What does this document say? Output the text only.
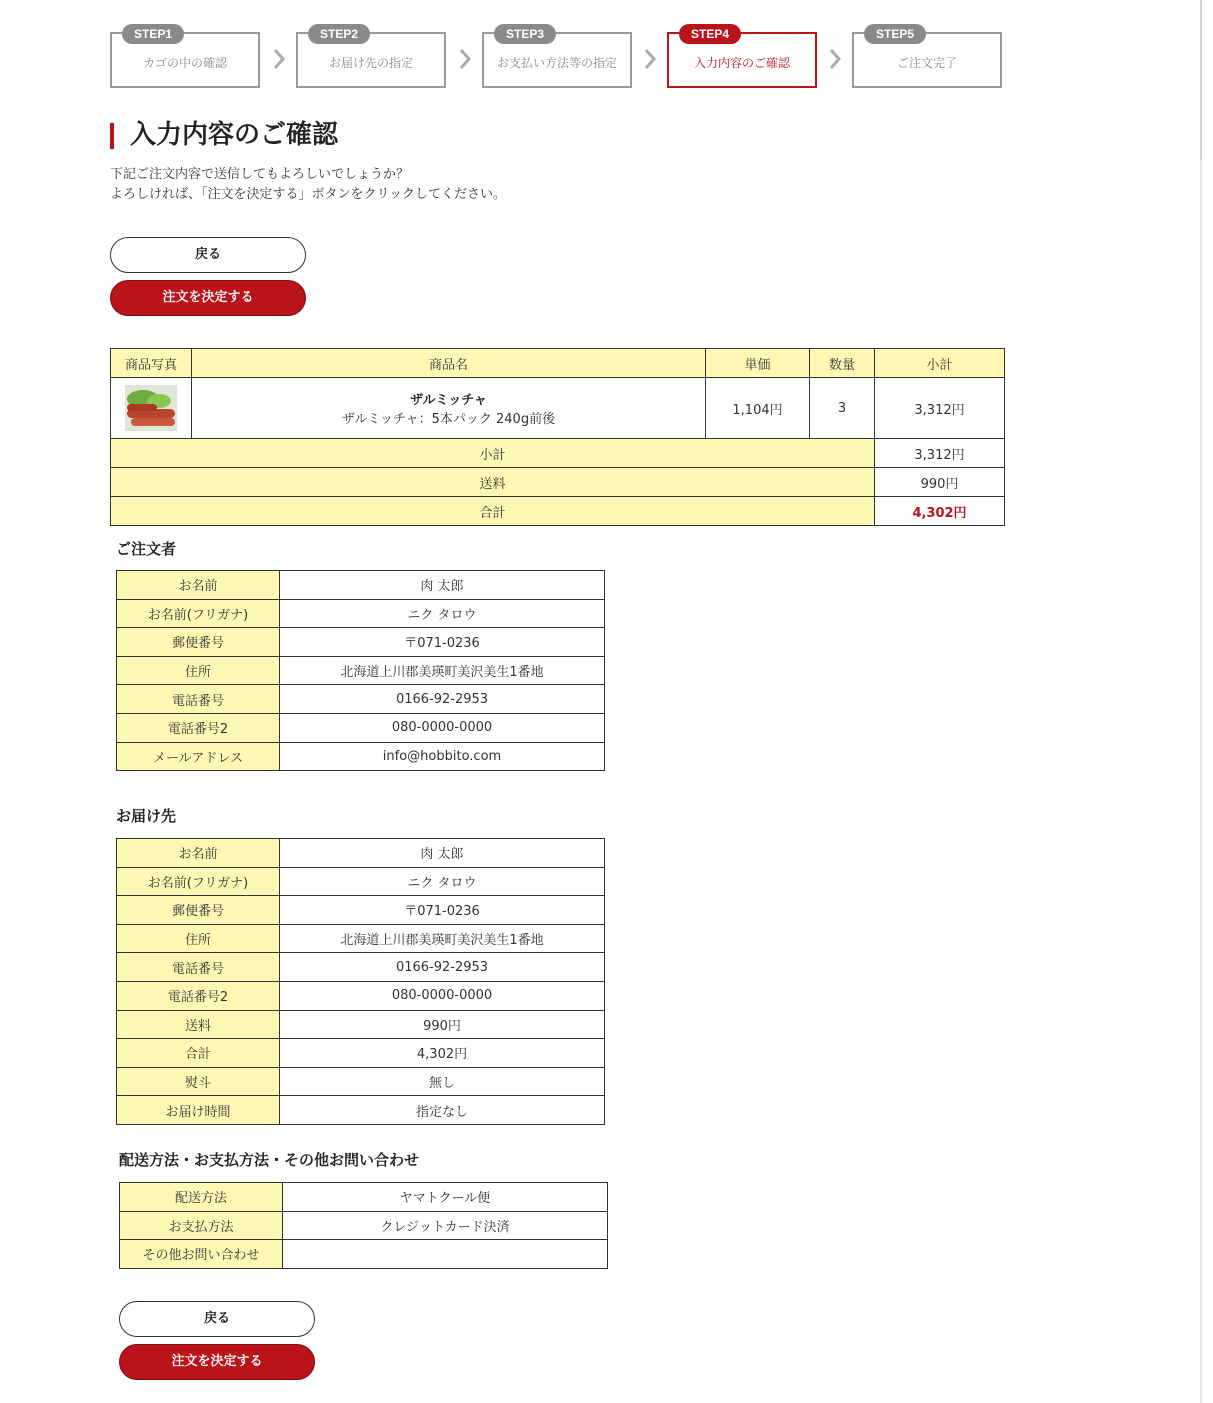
STEP1
カゴの中の確認
STEP2
お届け先の指定
STEP3
お支払い方法等の指定
STEP4
入力内容のご確認
STEP5
ご注文完了
入力内容のご確認
下記ご注文内容で送信してもよろしいでしょうか？
よろしければ、「注文を決定する」ボタンをクリックしてください。
戻る
注文を決定する
商品写真	商品名	単価	数量	小計

ザルミッチャ
ザルミッチャ：5本パック 240g前後	1,104円	3	3,312円
小計				3,312円
送料				990円
合計				4,302円
ご注文者
お名前	肉 太郎
お名前(フリガナ)	ニク タロウ
郵便番号	〒071-0236
住所	北海道上川郡美瑛町美沢美生1番地
電話番号	0166-92-2953
電話番号2	080-0000-0000
メールアドレス	info@hobbito.com
お届け先
お名前	肉 太郎
お名前(フリガナ)	ニク タロウ
郵便番号	〒071-0236
住所	北海道上川郡美瑛町美沢美生1番地
電話番号	0166-92-2953
電話番号2	080-0000-0000
送料	990円
合計	4,302円
熨斗	無し
お届け時間	指定なし
配送方法・お支払方法・その他お問い合わせ
配送方法	ヤマトクール便
お支払方法	クレジットカード決済
その他お問い合わせ	
戻る
注文を決定する
